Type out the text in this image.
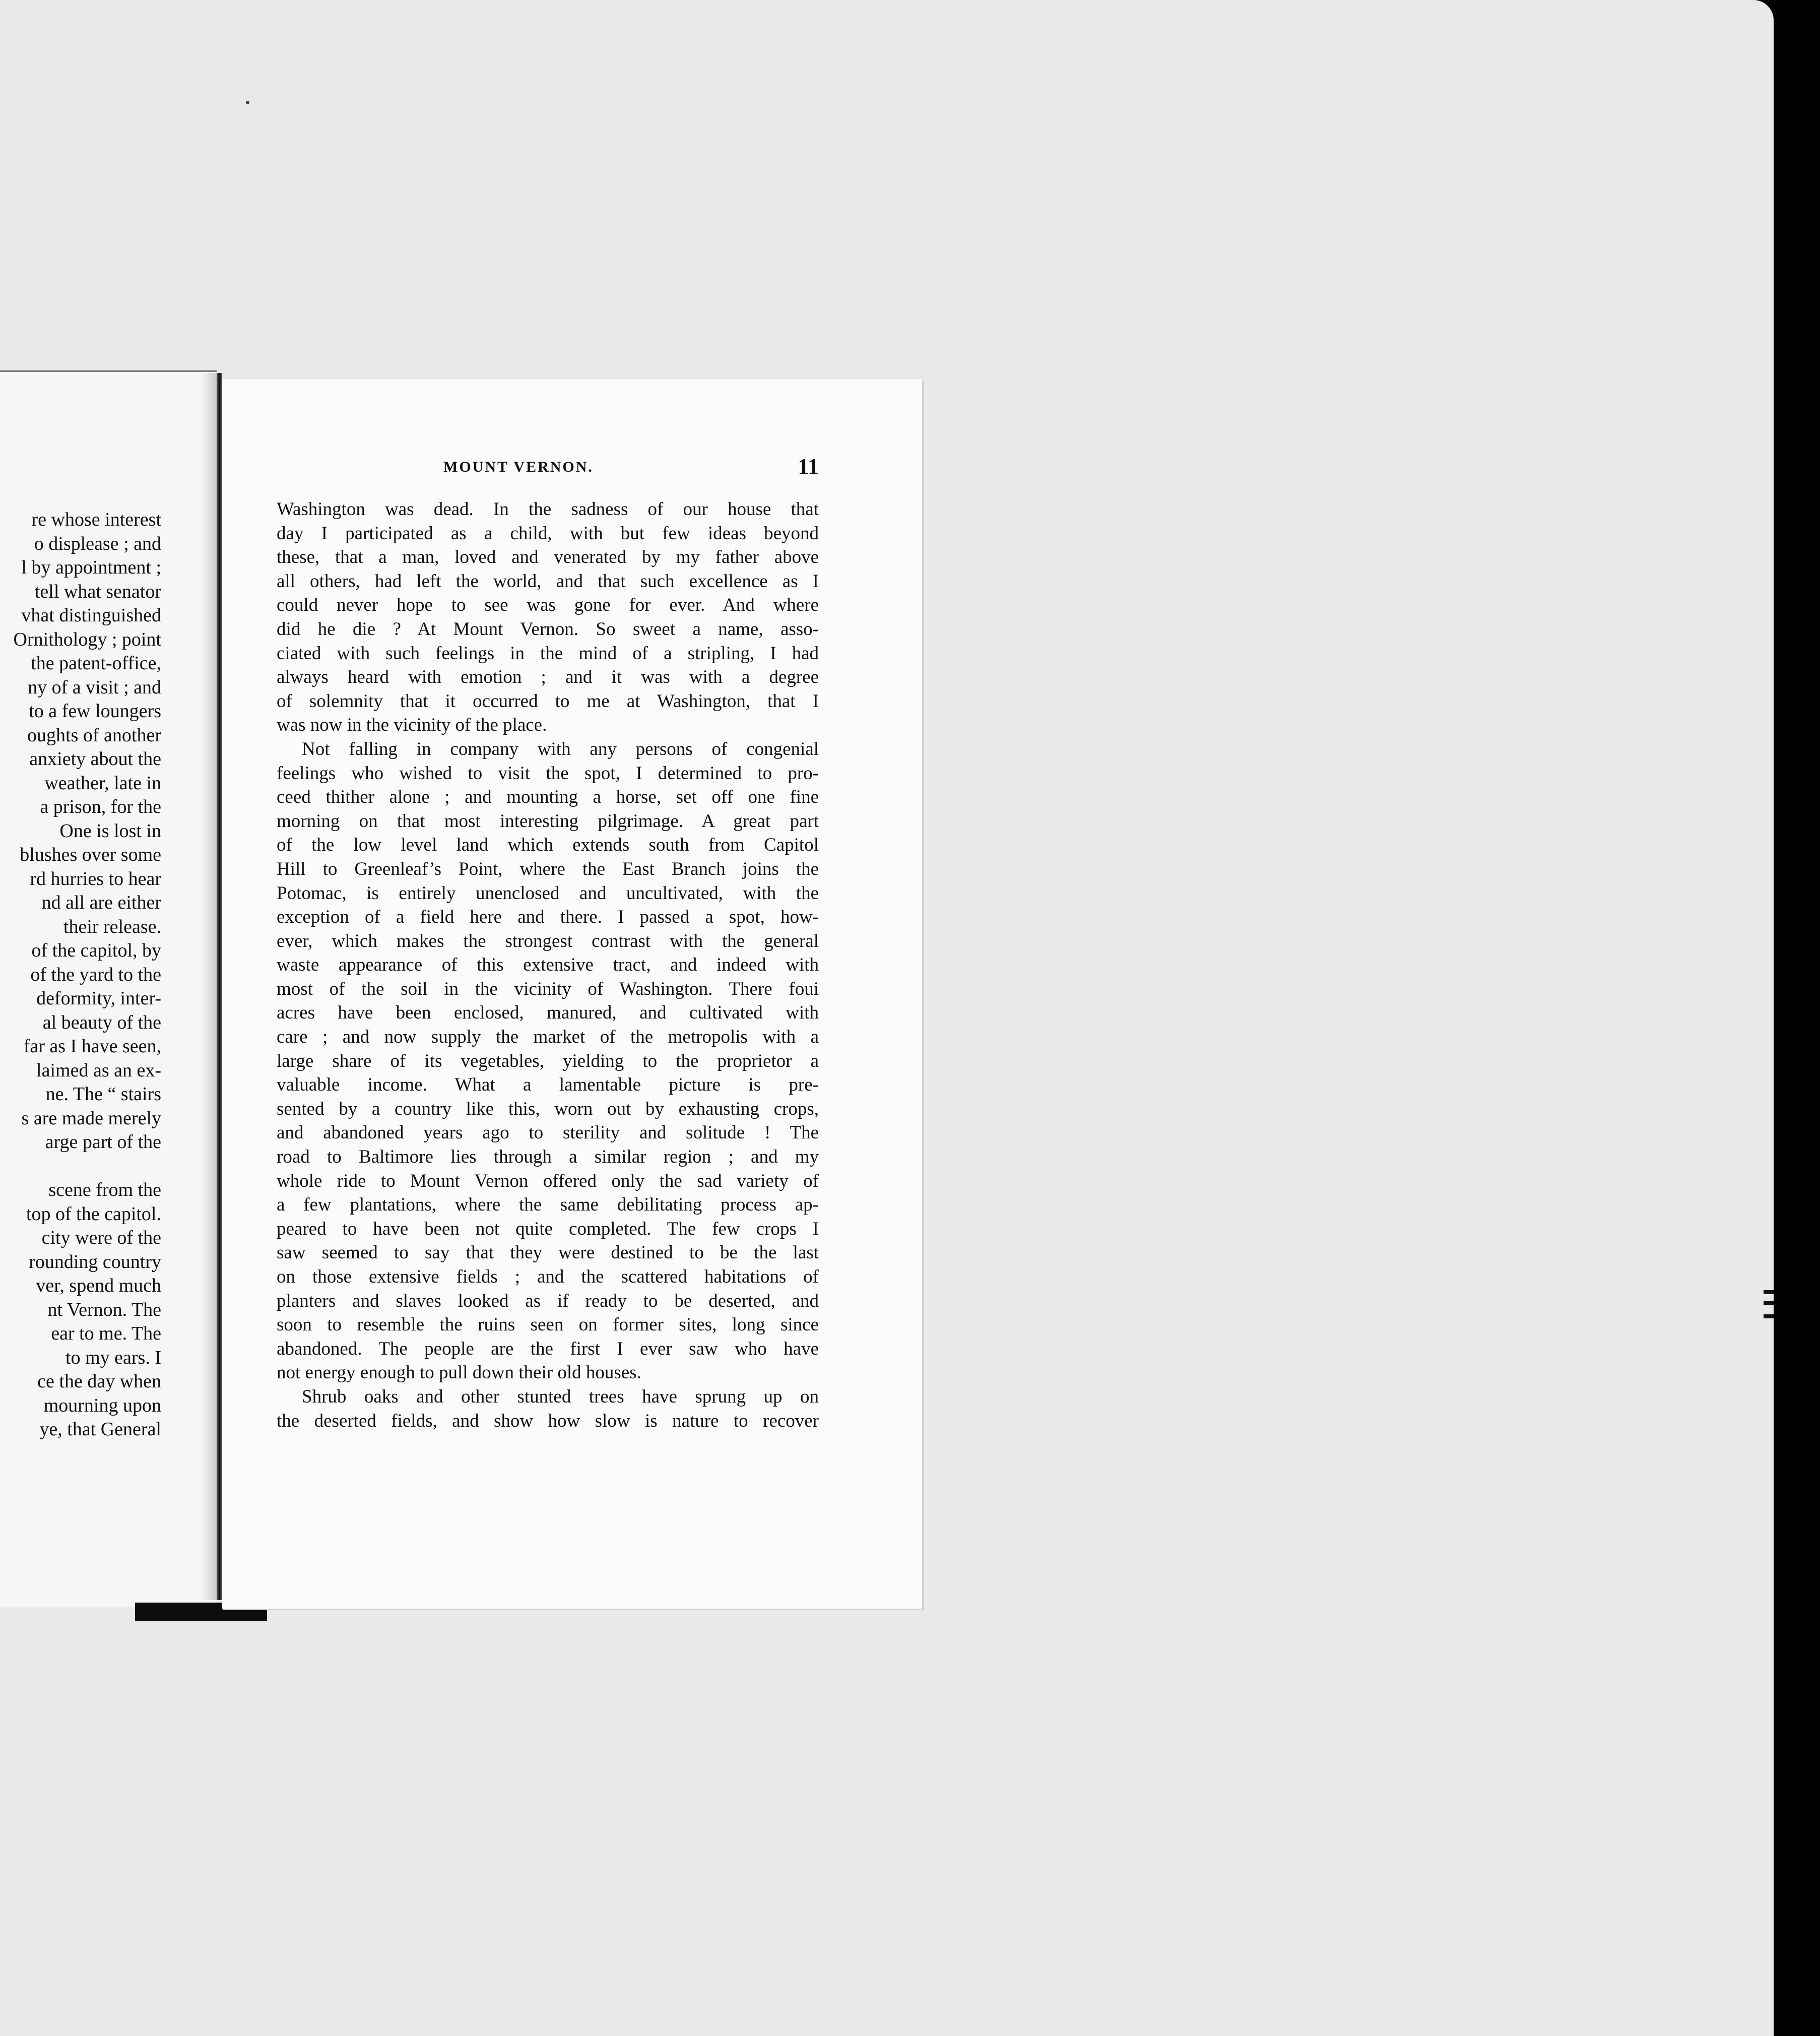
re whose interest
o displease ; and
l by appointment ;
tell what senator
vhat distinguished
Ornithology ; point
the patent-office,
ny of a visit ; and
to a few loungers
oughts of another
anxiety about the
weather, late in
a prison, for the
One is lost in
blushes over some
rd hurries to hear
nd all are either
their release.
of the capitol, by
of the yard to the
deformity, inter-
al beauty of the
far as I have seen,
laimed as an ex-
ne. The “ stairs
s are made merely
arge part of the
scene from the
top of the capitol.
city were of the
rounding country
ver, spend much
nt Vernon. The
ear to me. The
to my ears. I
ce the day when
mourning upon
ye, that General
MOUNT VERNON.	11
Washington was dead. In the sadness of our house that
day I participated as a child, with but few ideas beyond
these, that a man, loved and venerated by my father above
all others, had left the world, and that such excellence as I
could never hope to see was gone for ever. And where
did he die ? At Mount Vernon. So sweet a name, asso-
ciated with such feelings in the mind of a stripling, I had
always heard with emotion ; and it was with a degree
of solemnity that it occurred to me at Washington, that I
was now in the vicinity of the place.
Not falling in company with any persons of congenial
feelings who wished to visit the spot, I determined to pro-
ceed thither alone ; and mounting a horse, set off one fine
morning on that most interesting pilgrimage. A great part
of the low level land which extends south from Capitol
Hill to Greenleaf’s Point, where the East Branch joins the
Potomac, is entirely unenclosed and uncultivated, with the
exception of a field here and there. I passed a spot, how-
ever, which makes the strongest contrast with the general
waste appearance of this extensive tract, and indeed with
most of the soil in the vicinity of Washington. There foui
acres have been enclosed, manured, and cultivated with
care ; and now supply the market of the metropolis with a
large share of its vegetables, yielding to the proprietor a
valuable income. What a lamentable picture is pre-
sented by a country like this, worn out by exhausting crops,
and abandoned years ago to sterility and solitude ! The
road to Baltimore lies through a similar region ; and my
whole ride to Mount Vernon offered only the sad variety of
a few plantations, where the same debilitating process ap-
peared to have been not quite completed. The few crops I
saw seemed to say that they were destined to be the last
on those extensive fields ; and the scattered habitations of
planters and slaves looked as if ready to be deserted, and
soon to resemble the ruins seen on former sites, long since
abandoned. The people are the first I ever saw who have
not energy enough to pull down their old houses.
Shrub oaks and other stunted trees have sprung up on
the deserted fields, and show how slow is nature to recover
